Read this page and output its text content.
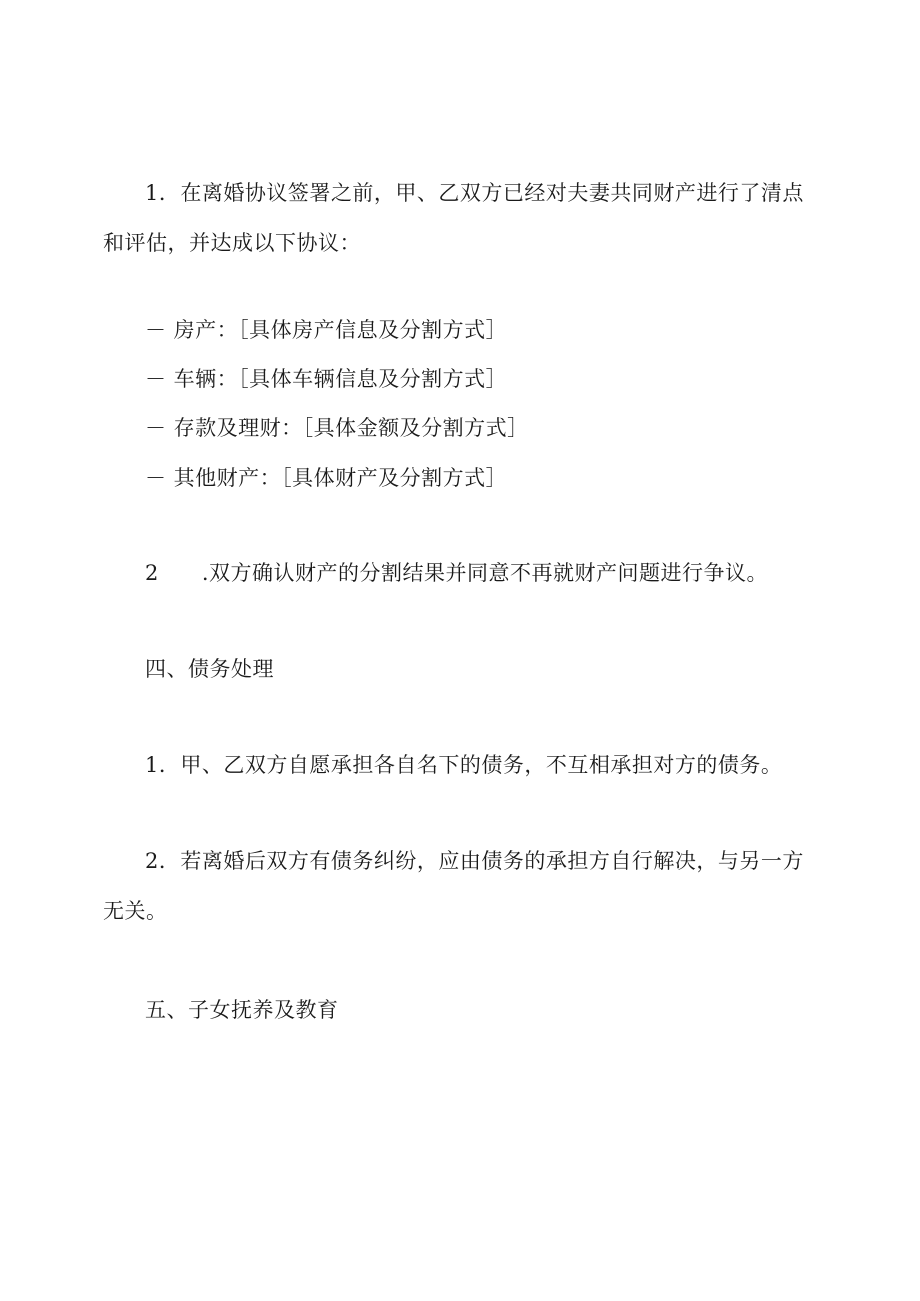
1．在离婚协议签署之前，甲、乙双方已经对夫妻共同财产进行了清点
和评估，并达成以下协议：
－ 房产：［具体房产信息及分割方式］
－ 车辆：［具体车辆信息及分割方式］
－ 存款及理财：［具体金额及分割方式］
－ 其他财产：［具体财产及分割方式］
2　　.双方确认财产的分割结果并同意不再就财产问题进行争议。
四、债务处理
1．甲、乙双方自愿承担各自名下的债务，不互相承担对方的债务。
2．若离婚后双方有债务纠纷，应由债务的承担方自行解决，与另一方
无关。
五、子女抚养及教育
